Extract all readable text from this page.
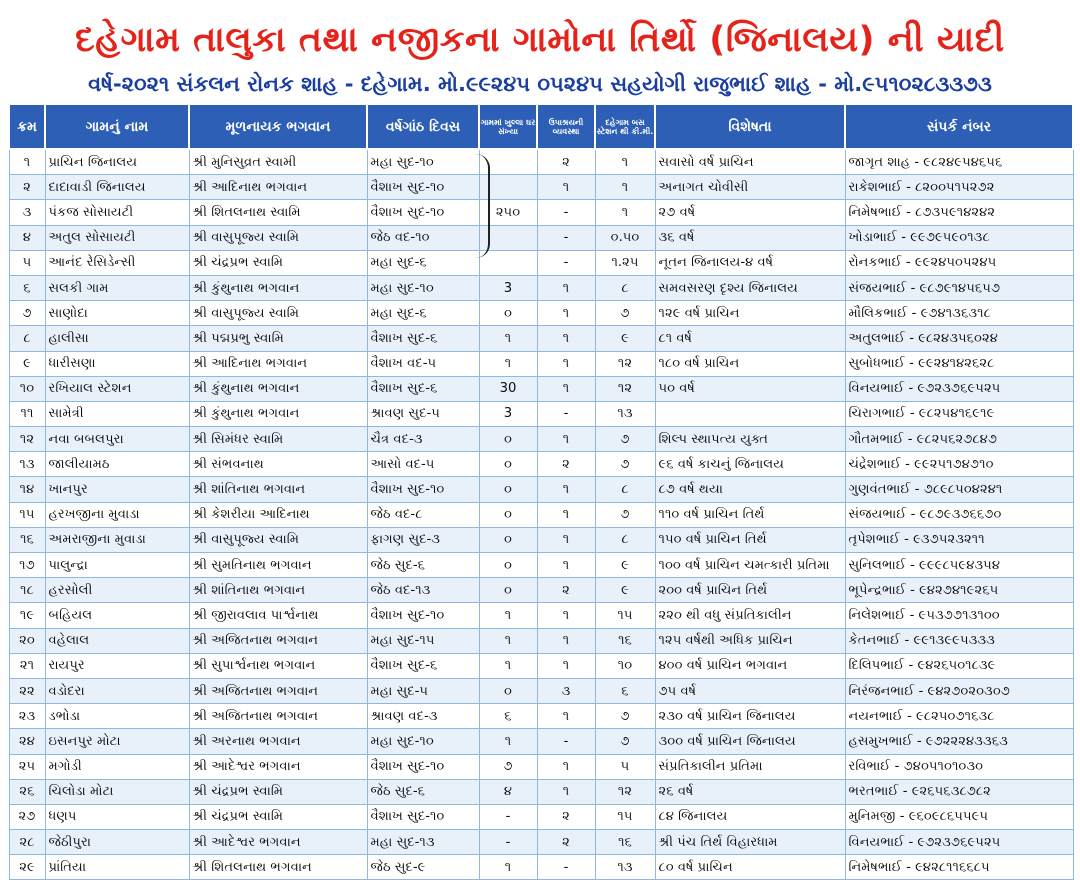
દહેગામ તાલુકા તથા નજીકના ગામોના તિર્થો (જિનાલય) ની યાદી
વર્ષ-૨૦૨૧ સંકલન રોનક શાહ - દહેગામ. મો.૯૯૨૪૫ ૦૫૨૪૫ સહયોગી રાજુભાઈ શાહ - મો.૯૫૧૦૨૮૩૩૭૩
ક્રમ	ગામનું નામ	મૂળનાયક ભગવાન	વર્ષગાંઠ દિવસ	ગામમાં ખુલ્લા ઘર સંખ્યા	ઉપાશ્રયની વ્યવસ્થા	દહેગામ બસ સ્ટેશન થી કી.મી.	વિશેષતા	સંપર્ક નંબર
૧	પ્રાચિન જિનાલય	શ્રી મુનિસુવ્રત સ્વામી	મહા સુદ-૧૦		૨	૧	સવાસો વર્ષ પ્રાચિન	જાગૃત શાહ - ૯૮૨૪૯૫૪૬૫૬
૨	દાદાવાડી જિનાલય	શ્રી આદિનાથ ભગવાન	વૈશાખ સુદ-૧૦		૧	૧	અનાગત ચોવીસી	રાકેશભાઈ - ૮૨૦૦૫૧૫૨૭૨
૩	પંકજ સોસાયટી	શ્રી શિતલનાથ સ્વામિ	વૈશાખ સુદ-૧૦	૨૫૦	-	૧	૨૭ વર્ષ	નિમેષભાઈ - ૮૭૩૫૯૧૪૨૪૨
૪	અતુલ સોસાયટી	શ્રી વાસુપૂજ્ય સ્વામિ	જેઠ વદ-૧૦		-	૦.૫૦	૩૬ વર્ષ	ખોડાભાઈ - ૯૯૭૯૫૯૦૧૩૮
૫	આનંદ રેસિડેન્સી	શ્રી ચંદ્રપ્રભ સ્વામિ	મહા સુદ-૬		-	૧.૨૫	નૂતન જિનાલય-૪ વર્ષ	રોનકભાઈ - ૯૯૨૪૫૦૫૨૪૫
૬	સલકી ગામ	શ્રી કુંથુનાથ ભગવાન	મહા સુદ-૧૦	3	૧	૮	સમવસરણ દૃશ્ય જિનાલય	સંજયભાઈ - ૯૮૭૯૧૪૫૬૫૭
૭	સાણોદા	શ્રી વાસુપૂજ્ય સ્વામિ	મહા સુદ-૬	૦	૧	૭	૧૨૯ વર્ષ પ્રાચિન	મૌલિકભાઈ - ૯૭૪૧૩૬૩૧૮
૮	હાલીસા	શ્રી પદ્મપ્રભુ સ્વામિ	વૈશાખ સુદ-૬	૧	૧	૯	૮૧ વર્ષ	અતુલભાઈ - ૯૮૨૪૩૫૬૦૨૪
૯	ધારીસણા	શ્રી આદિનાથ ભગવાન	વૈશાખ વદ-૫	૧	૧	૧૨	૧૮૦ વર્ષ પ્રાચિન	સુબોધભાઈ - ૯૯૨૪૧૪૨૬૨૮
૧૦	રખિયાલ સ્ટેશન	શ્રી કુંથુનાથ ભગવાન	વૈશાખ સુદ-૬	30	૧	૧૨	૫૦ વર્ષ	વિનયભાઈ - ૯૭૨૩૭૬૯૫૨૫
૧૧	સામેત્રી	શ્રી કુંથુનાથ ભગવાન	શ્રાવણ સુદ-૫	3	-	૧૩		ચિરાગભાઈ - ૯૮૨૫૪૧૬૯૧૯
૧૨	નવા બબલપુરા	શ્રી સિમંધર સ્વામિ	ચૈત્ર વદ-૩	૦	૧	૭	શિલ્પ સ્થાપત્ય યુક્ત	ગૌતમભાઈ - ૯૮૨૫૬૨૭૮૪૭
૧૩	જાલીયામઠ	શ્રી સંભવનાથ	આસો વદ-૫	૦	૨	૭	૯૬ વર્ષ કાચનું જિનાલય	ચંદ્રેશભાઈ - ૯૯૨૫૧૭૪૭૧૦
૧૪	ખાનપુર	શ્રી શાંતિનાથ ભગવાન	વૈશાખ સુદ-૧૦	૦	૧	૮	૮૭ વર્ષ થયા	ગુણવંતભાઈ - ૭૮૯૮૫૦૪૨૪૧
૧૫	હરખજીના મુવાડા	શ્રી કેશરીયા આદિનાથ	જેઠ વદ-૮	૦	૧	૭	૧૧૦ વર્ષ પ્રાચિન તિર્થ	સંજયભાઈ - ૯૮૭૯૩૭૬૬૭૦
૧૬	અમરાજીના મુવાડા	શ્રી વાસુપૂજ્ય સ્વામિ	ફાગણ સુદ-૩	૦	૧	૮	૧૫૦ વર્ષ પ્રાચિન તિર્થ	તૃપેશભાઈ - ૯૩૭૫૨૩૨૧૧
૧૭	પાલુન્દ્રા	શ્રી સુમતિનાથ ભગવાન	જેઠ સુદ-૬	૦	૧	૯	૧૦૦ વર્ષ પ્રાચિન ચમત્કારી પ્રતિમા	સુનિલભાઈ - ૯૯૯૮૫૯૪૩૫૪
૧૮	હરસોલી	શ્રી શાંતિનાથ ભગવાન	જેઠ વદ-૧૩	૦	૨	૯	૨૦૦ વર્ષ પ્રાચિન તિર્થ	ભૂપેન્દ્રભાઈ - ૯૪૨૭૪૧૯૨૬૫
૧૯	બહિયલ	શ્રી જીરાવલાવ પાર્શ્વનાથ	વૈશાખ સુદ-૧૦	૧	૧	૧૫	૨૨૦ થી વધુ સંપ્રતિકાલીન	નિલેશભાઈ - ૯૫૩૭૭૧૩૧૦૦
૨૦	વહેલાલ	શ્રી અજિતનાથ ભગવાન	મહા સુદ-૧૫	૧	૧	૧૬	૧૨૫ વર્ષથી અધિક પ્રાચિન	કેતનભાઈ - ૯૯૧૩૯૯૫૩૩૩
૨૧	રાયપુર	શ્રી સુપાર્શ્વનાથ ભગવાન	વૈશાખ સુદ-૬	૧	૧	૧૦	૪૦૦ વર્ષ પ્રાચિન ભગવાન	દિલિપભાઈ - ૯૪૨૬૫૦૧૮૩૯
૨૨	વડોદરા	શ્રી અજિતનાથ ભગવાન	મહા સુદ-૫	૦	૩	૬	૭૫ વર્ષ	નિરંજનભાઈ - ૯૪૨૭૦૨૦૩૦૭
૨૩	ડભોડા	શ્રી અજિતનાથ ભગવાન	શ્રાવણ વદ-૩	૬	૧	૭	૨૩૦ વર્ષ પ્રાચિન જિનાલય	નયનભાઈ - ૯૮૨૫૦૭૧૬૩૮
૨૪	ઇસનપુર મોટા	શ્રી અરનાથ ભગવાન	મહા સુદ-૧૦	૧	-	૭	૩૦૦ વર્ષ પ્રાચિન જિનાલય	હસમુખભાઈ - ૯૭૨૨૨૪૩૩૬૩
૨૫	મગોડી	શ્રી આદેશ્વર ભગવાન	વૈશાખ સુદ-૧૦	૭	૧	૫	સંપ્રતિકાલીન પ્રતિમા	રવિભાઈ - ૭૪૦૫૧૦૧૦૩૦
૨૬	ચિલોડા મોટા	શ્રી ચંદ્રપ્રભ સ્વામિ	જેઠ સુદ-૬	૪	૧	૧૨	૨૬ વર્ષ	ભરતભાઈ - ૯૨૬૫૬૩૮૭૮૨
૨૭	ધણપ	શ્રી ચંદ્રપ્રભ સ્વામિ	વૈશાખ સુદ-૧૦	-	૨	૧૫	૮૪ જિનાલય	મુનિમજી - ૯૬૦૯૮૬૫૫૯૫
૨૮	જેઠીપુરા	શ્રી આદેશ્વર ભગવાન	મહા સુદ-૧૩	-	૨	૧૬	શ્રી પંચ તિર્થ વિહારધામ	વિનયભાઈ - ૯૭૨૩૭૬૯૫૨૫
૨૯	પ્રાંતિયા	શ્રી શિતલનાથ ભગવાન	જેઠ સુદ-૯	૧	-	૧૩	૮૦ વર્ષ પ્રાચિન	નિમેષભાઈ - ૯૪૨૮૧૧૬૬૮૫
